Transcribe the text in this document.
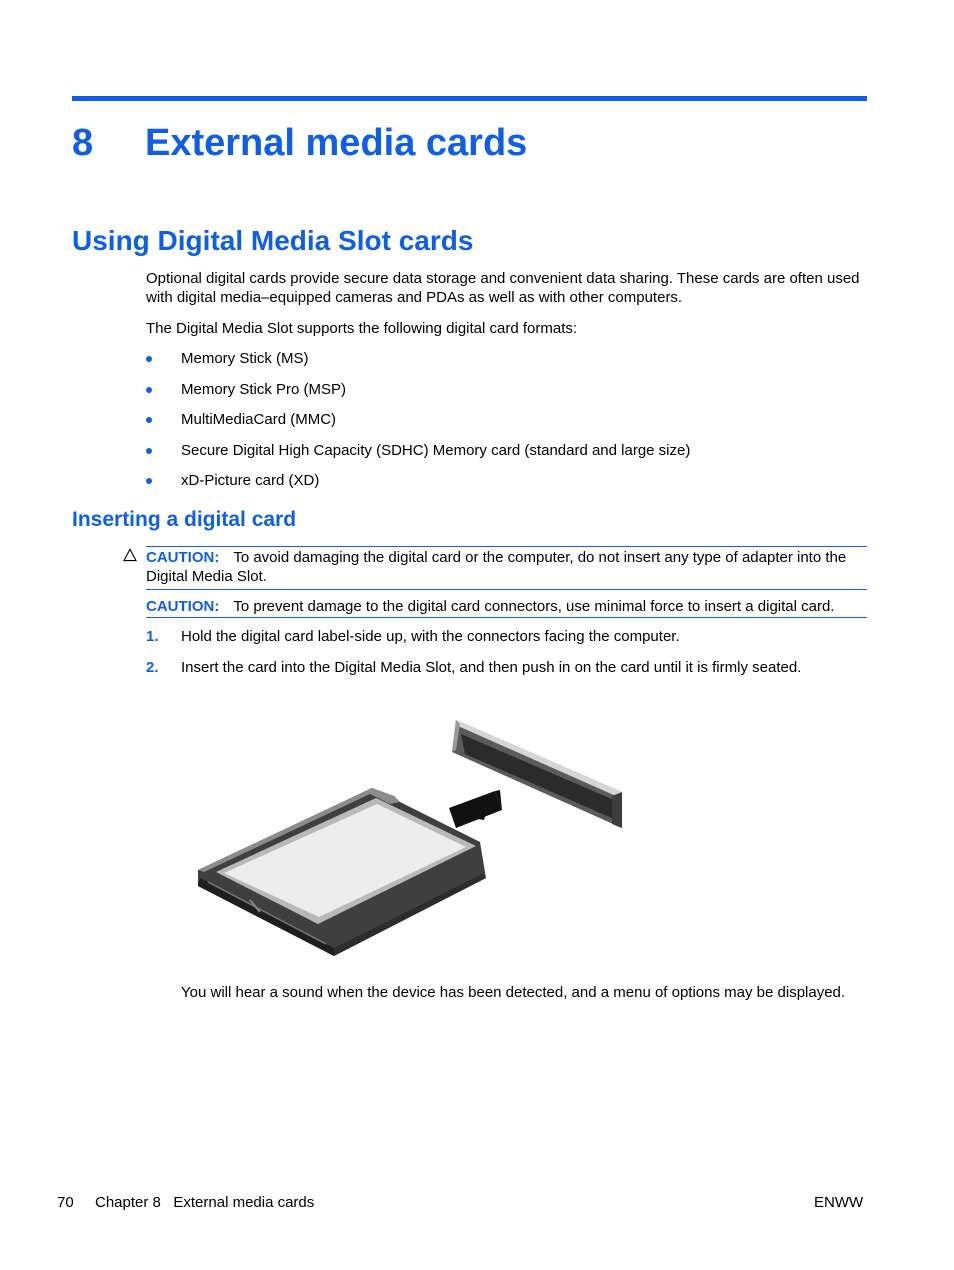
8 External media cards
Using Digital Media Slot cards

Optional digital cards provide secure data storage and convenient data sharing. These cards are often used with digital media–equipped cameras and PDAs as well as with other computers.

The Digital Media Slot supports the following digital card formats:

Memory Stick (MS)
Memory Stick Pro (MSP)
MultiMediaCard (MMC)
Secure Digital High Capacity (SDHC) Memory card (standard and large size)
xD-Picture card (XD)
Inserting a digital card
CAUTION: To avoid damaging the digital card or the computer, do not insert any type of adapter into the Digital Media Slot.
CAUTION: To prevent damage to the digital card connectors, use minimal force to insert a digital card.
1. Hold the digital card label-side up, with the connectors facing the computer.
2. Insert the card into the Digital Media Slot, and then push in on the card until it is firmly seated.

You will hear a sound when the device has been detected, and a menu of options may be displayed.

70 Chapter 8   External media cards	ENWW
